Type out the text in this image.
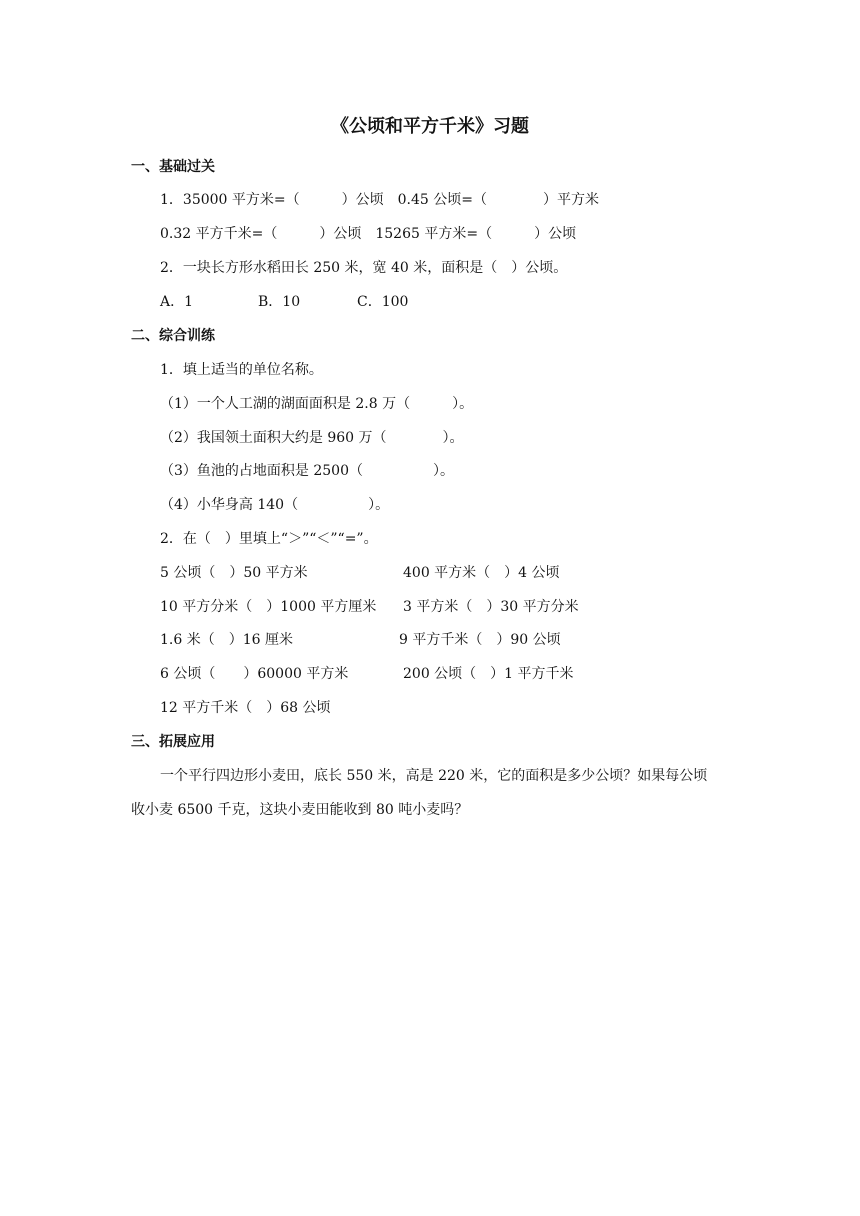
《公顷和平方千米》习题
一、基础过关
1．35000 平方米=（　　　）公顷　0.45 公顷=（　　　　）平方米
0.32 平方千米=（　　　）公顷　15265 平方米=（　　　）公顷
2．一块长方形水稻田长 250 米，宽 40 米，面积是（　）公顷。
A．1	B．10	C．100
二、综合训练
1．填上适当的单位名称。
（1）一个人工湖的湖面面积是 2.8 万（　　　）。
（2）我国领土面积大约是 960 万（　　　　）。
（3）鱼池的占地面积是 2500（　　　　　）。
（4）小华身高 140（　　　　　）。
2．在（　）里填上“＞”“＜”“=”。
5 公顷（　）50 平方米	400 平方米（　）4 公顷
10 平方分米（　）1000 平方厘米 3 平方米（　）30 平方分米
1.6 米（　）16 厘米	9 平方千米（　）90 公顷
6 公顷（　　）60000 平方米	200 公顷（　）1 平方千米
12 平方千米（　）68 公顷
三、拓展应用
一个平行四边形小麦田，底长 550 米，高是 220 米，它的面积是多少公顷？如果每公顷
收小麦 6500 千克，这块小麦田能收到 80 吨小麦吗？
